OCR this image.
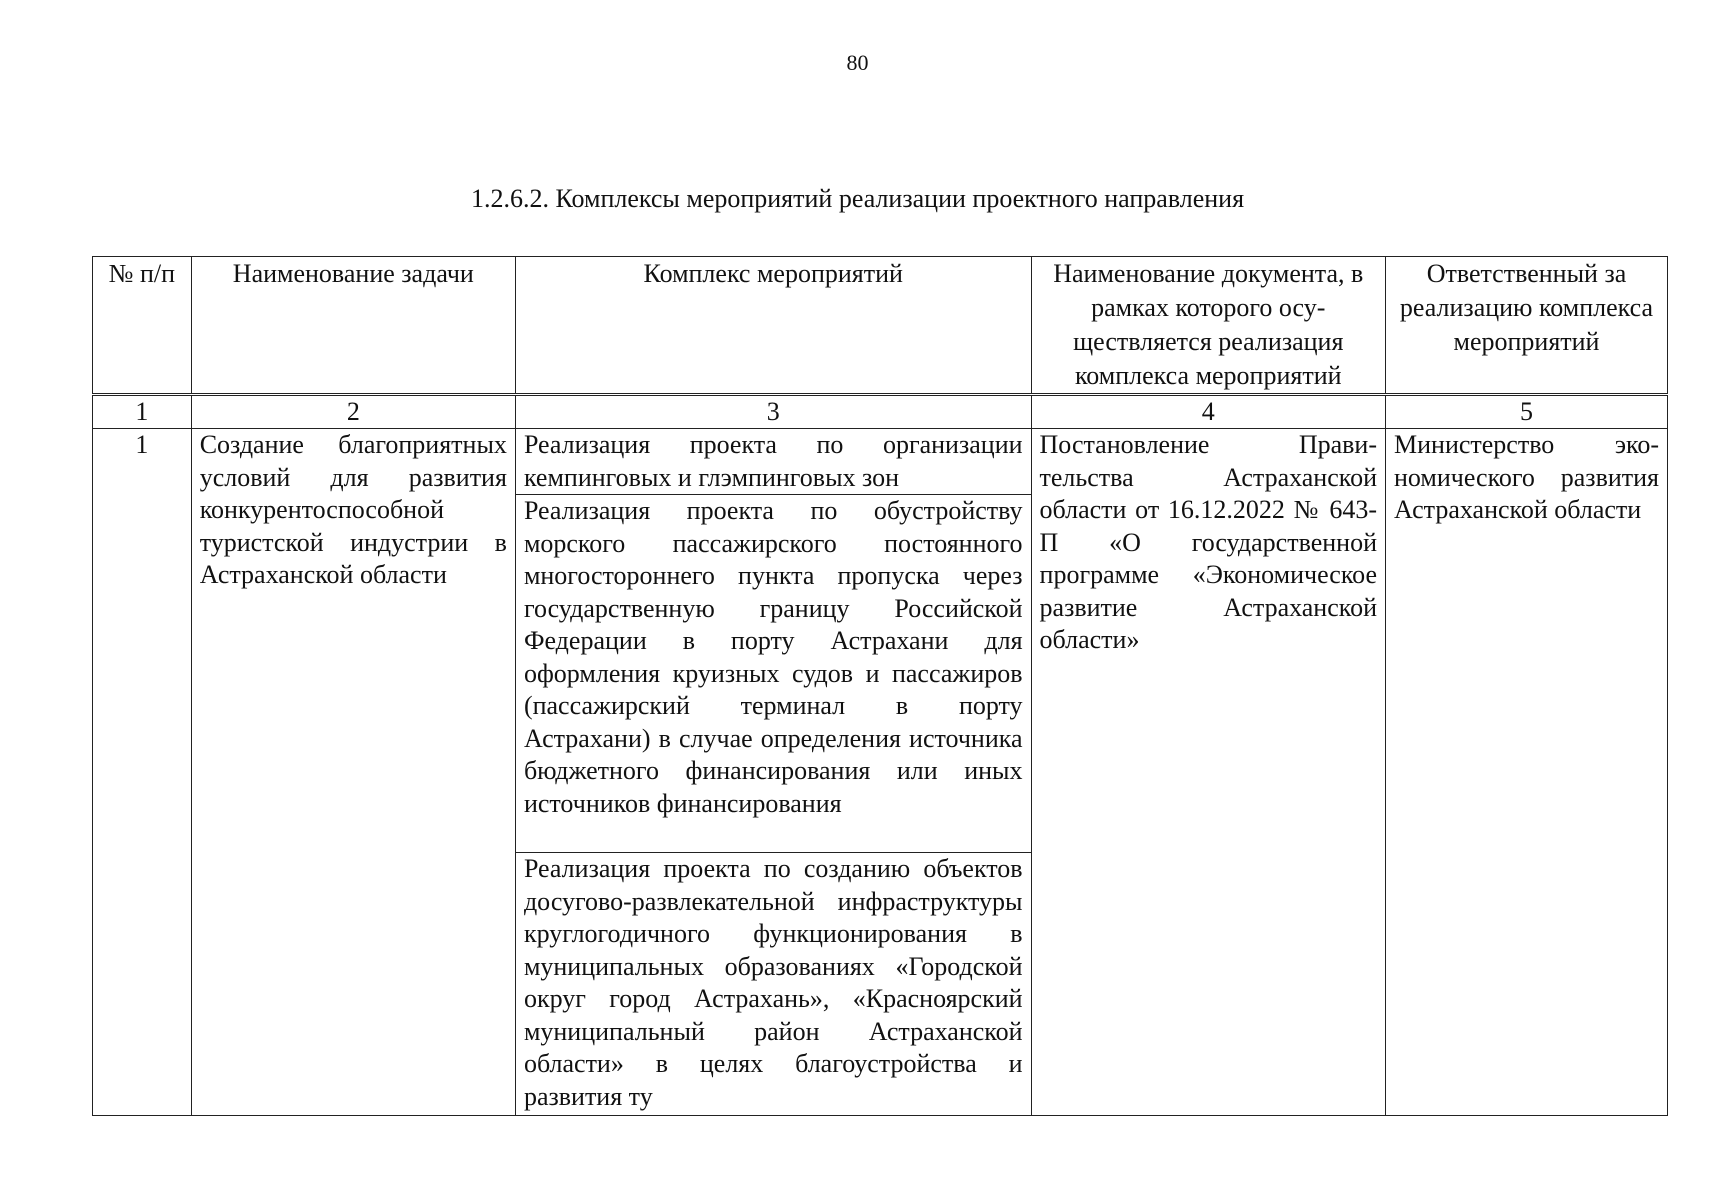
80
1.2.6.2. Комплексы мероприятий реализации проектного направления
№ п/п	Наименование задачи	Комплекс мероприятий	Наименование документа, в рамках которого осуществляется реализация комплекса мероприятий	Ответственный за реализацию комплекса мероприятий
1	2	3	4	5
1	Создание благоприятных условий для развития конкурентоспособной туристской индустрии в Астраханской области	Реализация проекта по организации кемпинговых и глэмпинговых зон	Постановление Правительства Астраханской области от 16.12.2022 № 643-П «О государственной программе «Экономическое развитие Астраханской области»	Министерство экономического развития Астраханской области
		Реализация проекта по обустройству морского пассажирского постоянного многостороннего пункта пропуска через государственную границу Российской Федерации в порту Астрахани для оформления круизных судов и пассажиров (пассажирский терминал в порту Астрахани) в случае определения источника бюджетного финансирования или иных источников финансирования		
		Реализация проекта по созданию объектов досугово-развлекательной инфраструктуры круглогодичного функционирования в муниципальных образованиях «Городской округ город Астрахань», «Красноярский муниципальный район Астраханской области» в целях благоустройства и развития ту		
